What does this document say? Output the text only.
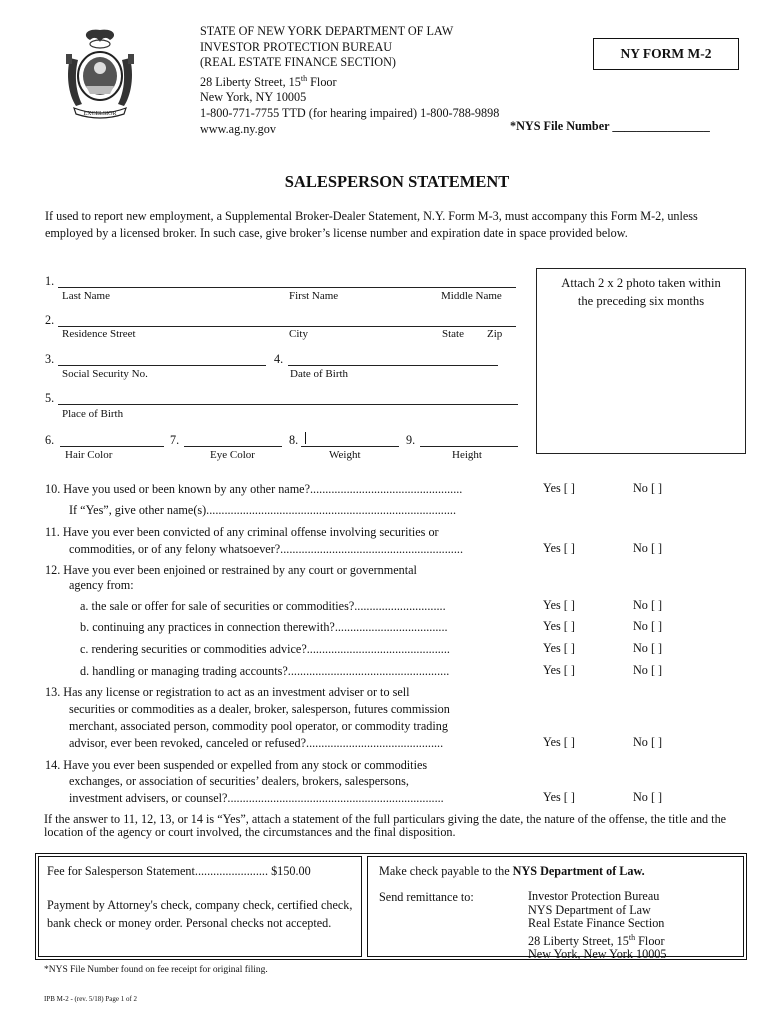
EXCELSIOR
STATE OF NEW YORK DEPARTMENT OF LAW
INVESTOR PROTECTION BUREAU
(REAL ESTATE FINANCE SECTION)
28 Liberty Street, 15th Floor
New York, NY 10005
1-800-771-7755 TTD (for hearing impaired) 1-800-788-9898
www.ag.ny.gov
NY FORM M-2
*NYS File Number ________________
SALESPERSON STATEMENT
If used to report new employment, a Supplemental Broker-Dealer Statement, N.Y. Form M-3, must accompany this Form M-2, unless employed by a licensed broker. In such case, give broker’s license number and expiration date in space provided below.
Attach 2 x 2 photo taken within
the preceding six months
1.
Last Name	First Name	Middle Name
2.
Residence Street	City	State Zip
3.
Social Security No.
4.
Date of Birth
5.
Place of Birth
6.
Hair Color
7.
Eye Color
8.
Weight
9.
Height
10. Have you used or been known by any other name?..................................................	Yes [ ]	No [ ]
If “Yes”, give other name(s)..................................................................................
11. Have you ever been convicted of any criminal offense involving securities or
commodities, or of any felony whatsoever?............................................................	Yes [ ]	No [ ]
12. Have you ever been enjoined or restrained by any court or governmental
agency from:
a. the sale or offer for sale of securities or commodities?..............................	Yes [ ]	No [ ]
b. continuing any practices in connection therewith?.....................................	Yes [ ]	No [ ]
c. rendering securities or commodities advice?...............................................	Yes [ ]	No [ ]
d. handling or managing trading accounts?.....................................................	Yes [ ]	No [ ]
13. Has any license or registration to act as an investment adviser or to sell
securities or commodities as a dealer, broker, salesperson, futures commission
merchant, associated person, commodity pool operator, or commodity trading
advisor, ever been revoked, canceled or refused?.............................................	Yes [ ]	No [ ]
14. Have you ever been suspended or expelled from any stock or commodities
exchanges, or association of securities’ dealers, brokers, salespersons,
investment advisers, or counsel?.......................................................................	Yes [ ]	No [ ]
If the answer to 11, 12, 13, or 14 is “Yes”, attach a statement of the full particulars giving the date, the nature of the offense, the title and the location of the agency or court involved, the circumstances and the final disposition.
Fee for Salesperson Statement........................ $150.00
Payment by Attorney's check, company check, certified check, bank check or money order. Personal checks not accepted.
Make check payable to the NYS Department of Law.
Send remittance to:	Investor Protection Bureau
NYS Department of Law
Real Estate Finance Section
28 Liberty Street, 15th Floor
New York, New York 10005
*NYS File Number found on fee receipt for original filing.
IPB M-2 - (rev. 5/18) Page 1 of 2
